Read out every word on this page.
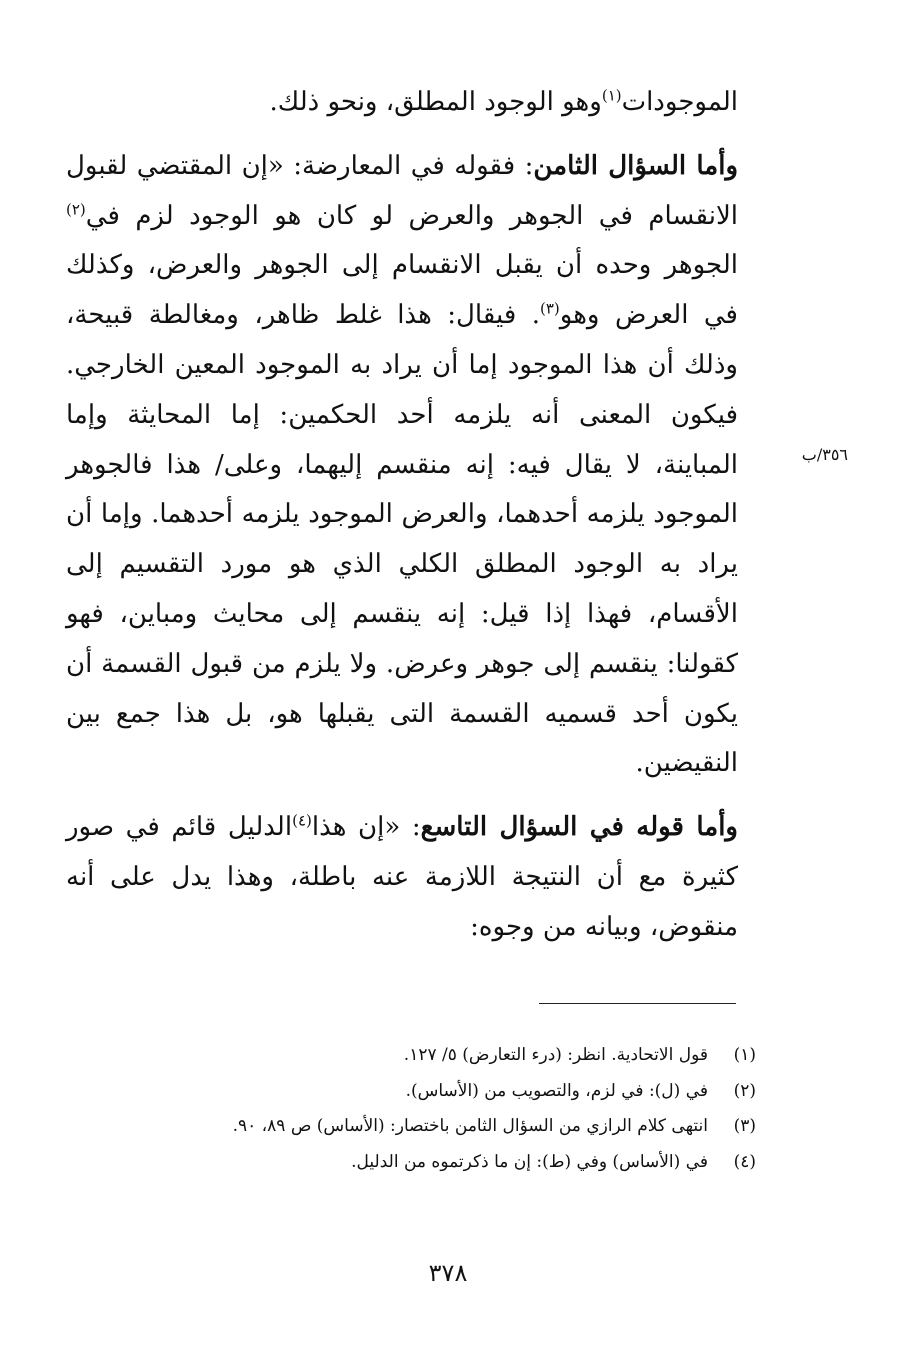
الموجودات$^{(١)}$وهو الوجود المطلق، ونحو ذلك.

وأما السؤال الثامن: فقوله في المعارضة: «إن المقتضي لقبول الانقسام في الجوهر والعرض لو كان هو الوجود لزم في$^{(٢)}$ الجوهر وحده أن يقبل الانقسام إلى الجوهر والعرض، وكذلك في العرض وهو$^{(٣)}$. فيقال: هذا غلط ظاهر، ومغالطة قبيحة، وذلك أن هذا الموجود إما أن يراد به الموجود المعين الخارجي. فيكون المعنى أنه يلزمه أحد الحكمين: إما المحايثة وإما المباينة، لا يقال فيه: إنه منقسم إليهما، وعلى/ هذا فالجوهر الموجود يلزمه أحدهما، والعرض الموجود يلزمه أحدهما. وإما أن يراد به الوجود المطلق الكلي الذي هو مورد التقسيم إلى الأقسام، فهذا إذا قيل: إنه ينقسم إلى محايث ومباين، فهو كقولنا: ينقسم إلى جوهر وعرض. ولا يلزم من قبول القسمة أن يكون أحد قسميه القسمة التى يقبلها هو، بل هذا جمع بين النقيضين.

وأما قوله في السؤال التاسع: «إن هذا$^{(٤)}$الدليل قائم في صور كثيرة مع أن النتيجة اللازمة عنه باطلة، وهذا يدل على أنه منقوض، وبيانه من وجوه:

٣٥٦/ب

(١)قول الاتحادية. انظر: (درء التعارض) ٥/ ١٢٧.

(٢)في (ل): في لزم، والتصويب من (الأساس).

(٣)انتهى كلام الرازي من السؤال الثامن باختصار: (الأساس) ص ٨٩، ٩٠.

(٤)في (الأساس) وفي (ط): إن ما ذكرتموه من الدليل.

٣٧٨
